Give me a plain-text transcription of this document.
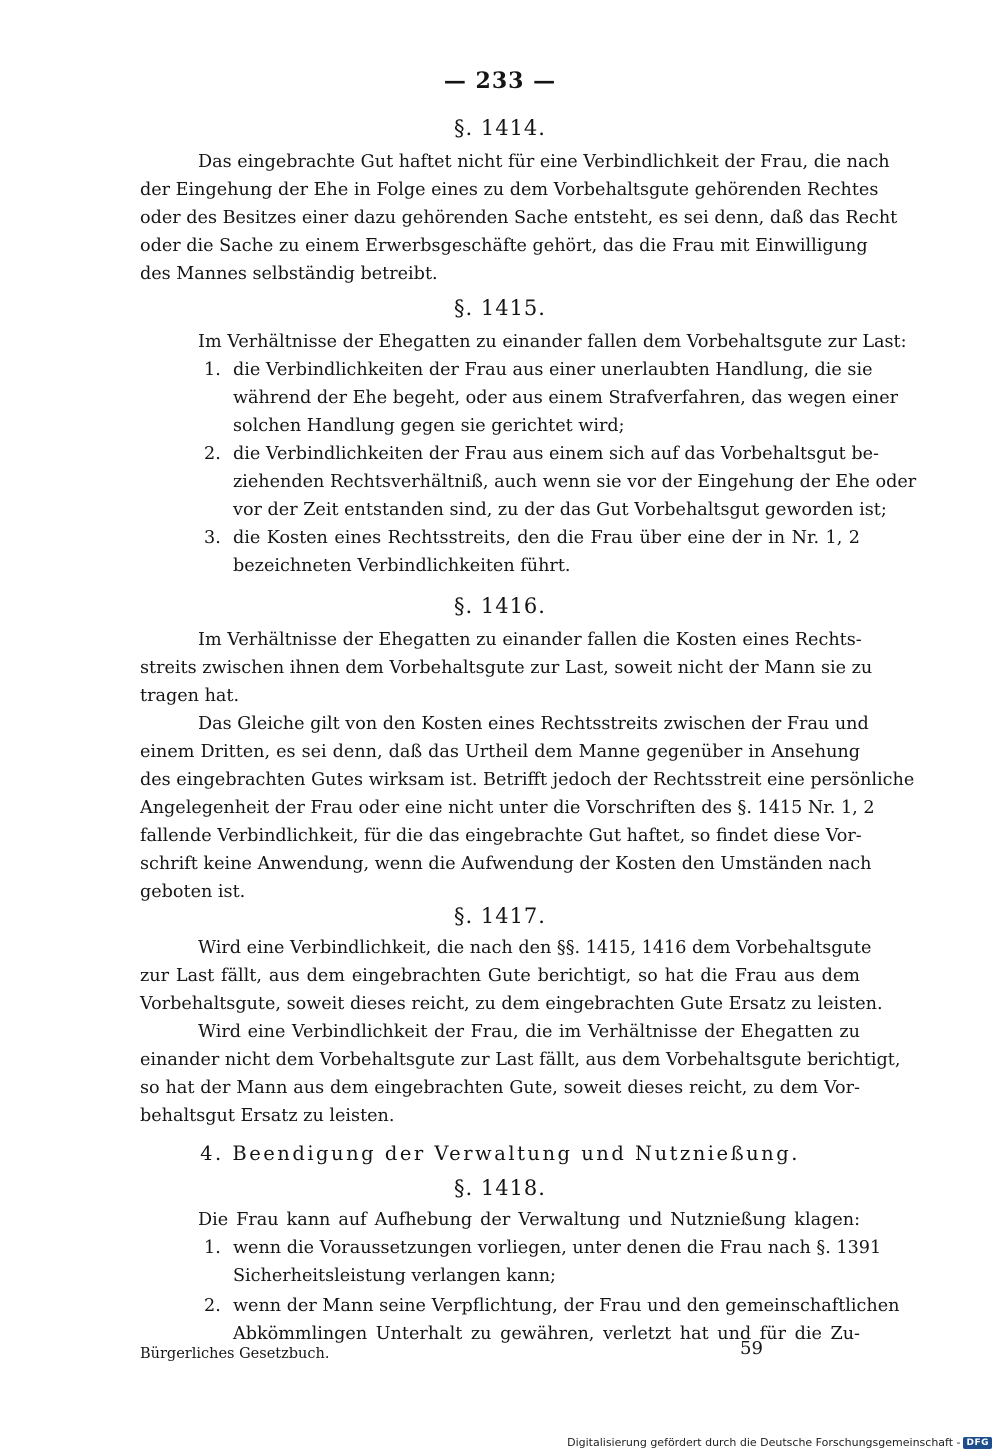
— 233 —
§. 1414.
Das eingebrachte Gut haftet nicht für eine Verbindlichkeit der Frau, die nach
der Eingehung der Ehe in Folge eines zu dem Vorbehaltsgute gehörenden Rechtes
oder des Besitzes einer dazu gehörenden Sache entsteht, es sei denn, daß das Recht
oder die Sache zu einem Erwerbsgeschäfte gehört, das die Frau mit Einwilligung
des Mannes selbständig betreibt.
§. 1415.
Im Verhältnisse der Ehegatten zu einander fallen dem Vorbehaltsgute zur Last:
1. die Verbindlichkeiten der Frau aus einer unerlaubten Handlung, die sie
während der Ehe begeht, oder aus einem Strafverfahren, das wegen einer
solchen Handlung gegen sie gerichtet wird;
2. die Verbindlichkeiten der Frau aus einem sich auf das Vorbehaltsgut be-
ziehenden Rechtsverhältniß, auch wenn sie vor der Eingehung der Ehe oder
vor der Zeit entstanden sind, zu der das Gut Vorbehaltsgut geworden ist;
3. die Kosten eines Rechtsstreits, den die Frau über eine der in Nr. 1, 2
bezeichneten Verbindlichkeiten führt.
§. 1416.
Im Verhältnisse der Ehegatten zu einander fallen die Kosten eines Rechts-
streits zwischen ihnen dem Vorbehaltsgute zur Last, soweit nicht der Mann sie zu
tragen hat.
Das Gleiche gilt von den Kosten eines Rechtsstreits zwischen der Frau und
einem Dritten, es sei denn, daß das Urtheil dem Manne gegenüber in Ansehung
des eingebrachten Gutes wirksam ist. Betrifft jedoch der Rechtsstreit eine persönliche
Angelegenheit der Frau oder eine nicht unter die Vorschriften des §. 1415 Nr. 1, 2
fallende Verbindlichkeit, für die das eingebrachte Gut haftet, so findet diese Vor-
schrift keine Anwendung, wenn die Aufwendung der Kosten den Umständen nach
geboten ist.
§. 1417.
Wird eine Verbindlichkeit, die nach den §§. 1415, 1416 dem Vorbehaltsgute
zur Last fällt, aus dem eingebrachten Gute berichtigt, so hat die Frau aus dem
Vorbehaltsgute, soweit dieses reicht, zu dem eingebrachten Gute Ersatz zu leisten.
Wird eine Verbindlichkeit der Frau, die im Verhältnisse der Ehegatten zu
einander nicht dem Vorbehaltsgute zur Last fällt, aus dem Vorbehaltsgute berichtigt,
so hat der Mann aus dem eingebrachten Gute, soweit dieses reicht, zu dem Vor-
behaltsgut Ersatz zu leisten.
4. Beendigung der Verwaltung und Nutznießung.
§. 1418.
Die Frau kann auf Aufhebung der Verwaltung und Nutznießung klagen:
1. wenn die Voraussetzungen vorliegen, unter denen die Frau nach §. 1391
Sicherheitsleistung verlangen kann;
2. wenn der Mann seine Verpflichtung, der Frau und den gemeinschaftlichen
Abkömmlingen Unterhalt zu gewähren, verletzt hat und für die Zu-
Bürgerliches Gesetzbuch.	59
Digitalisierung gefördert durch die Deutsche Forschungsgemeinschaft - DFG
